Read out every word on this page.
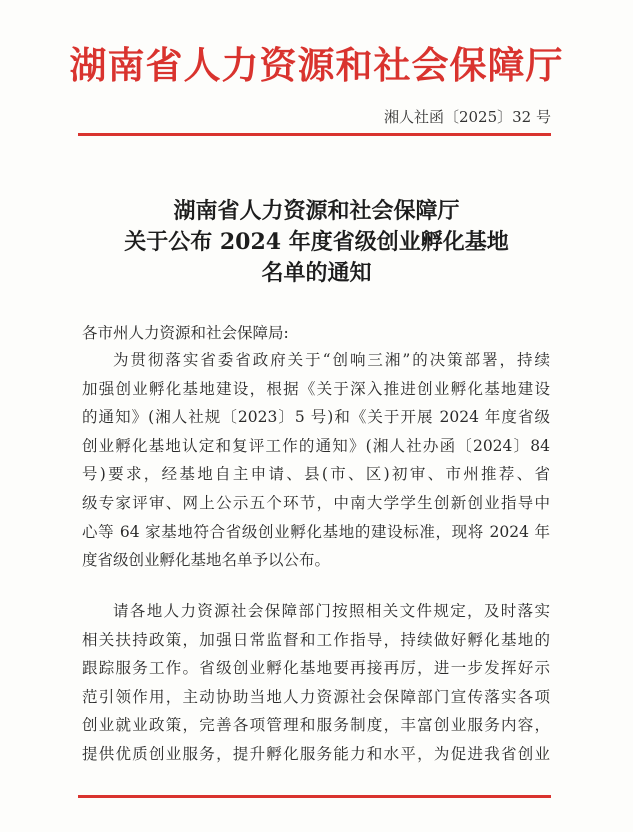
湖南省人力资源和社会保障厅
湘人社函〔2025〕32 号
湖南省人力资源和社会保障厅
关于公布 2024 年度省级创业孵化基地
名单的通知
各市州人力资源和社会保障局:
为贯彻落实省委省政府关于“创响三湘”的决策部署，持续
加强创业孵化基地建设，根据《关于深入推进创业孵化基地建设
的通知》(湘人社规〔2023〕5 号)和《关于开展 2024 年度省级
创业孵化基地认定和复评工作的通知》(湘人社办函〔2024〕84
号)要求，经基地自主申请、县(市、区)初审、市州推荐、省
级专家评审、网上公示五个环节，中南大学学生创新创业指导中
心等 64 家基地符合省级创业孵化基地的建设标准，现将 2024 年
度省级创业孵化基地名单予以公布。
请各地人力资源社会保障部门按照相关文件规定，及时落实
相关扶持政策，加强日常监督和工作指导，持续做好孵化基地的
跟踪服务工作。省级创业孵化基地要再接再厉，进一步发挥好示
范引领作用，主动协助当地人力资源社会保障部门宣传落实各项
创业就业政策，完善各项管理和服务制度，丰富创业服务内容，
提供优质创业服务，提升孵化服务能力和水平，为促进我省创业
